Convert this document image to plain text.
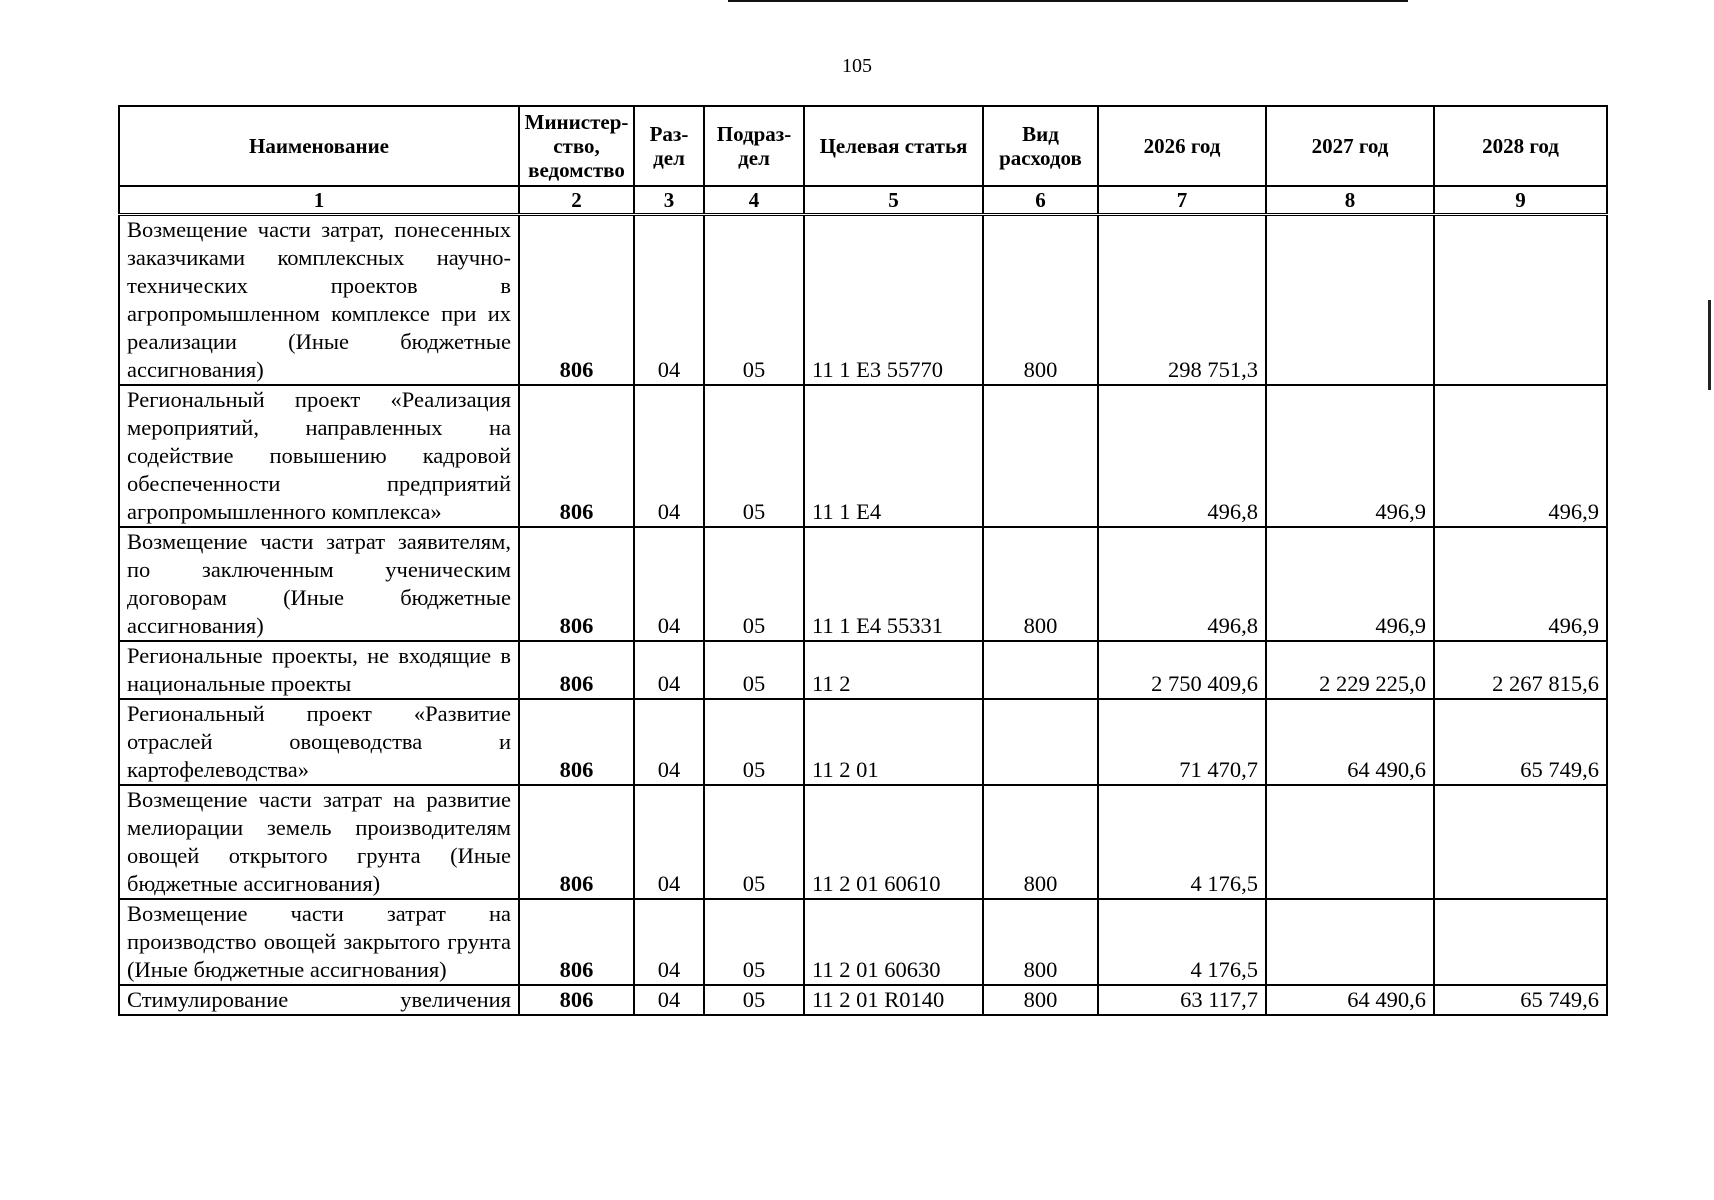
105
Наименование	Министер-ство, ведомство	Раз-дел	Подраз-дел	Целевая статья	Вид расходов	2026 год	2027 год	2028 год
1	2	3	4	5	6	7	8	9
Возмещение части затрат, понесенных заказчиками комплексных научно-технических проектов в агропромышленном комплексе при их реализации (Иные бюджетные ассигнования)	806	04	05	11 1 Е3 55770	800	298 751,3		
Региональный проект «Реализация мероприятий, направленных на содействие повышению кадровой обеспеченности предприятий агропромышленного комплекса»	806	04	05	11 1 Е4		496,8	496,9	496,9
Возмещение части затрат заявителям, по заключенным ученическим договорам (Иные бюджетные ассигнования)	806	04	05	11 1 Е4 55331	800	496,8	496,9	496,9
Региональные проекты, не входящие в национальные проекты	806	04	05	11 2		2 750 409,6	2 229 225,0	2 267 815,6
Региональный проект «Развитие отраслей овощеводства и картофелеводства»	806	04	05	11 2 01		71 470,7	64 490,6	65 749,6
Возмещение части затрат на развитие мелиорации земель производителям овощей открытого грунта (Иные бюджетные ассигнования)	806	04	05	11 2 01 60610	800	4 176,5		
Возмещение части затрат на производство овощей закрытого грунта (Иные бюджетные ассигнования)	806	04	05	11 2 01 60630	800	4 176,5		
Стимулирование увеличения	806	04	05	11 2 01 R0140	800	63 117,7	64 490,6	65 749,6
